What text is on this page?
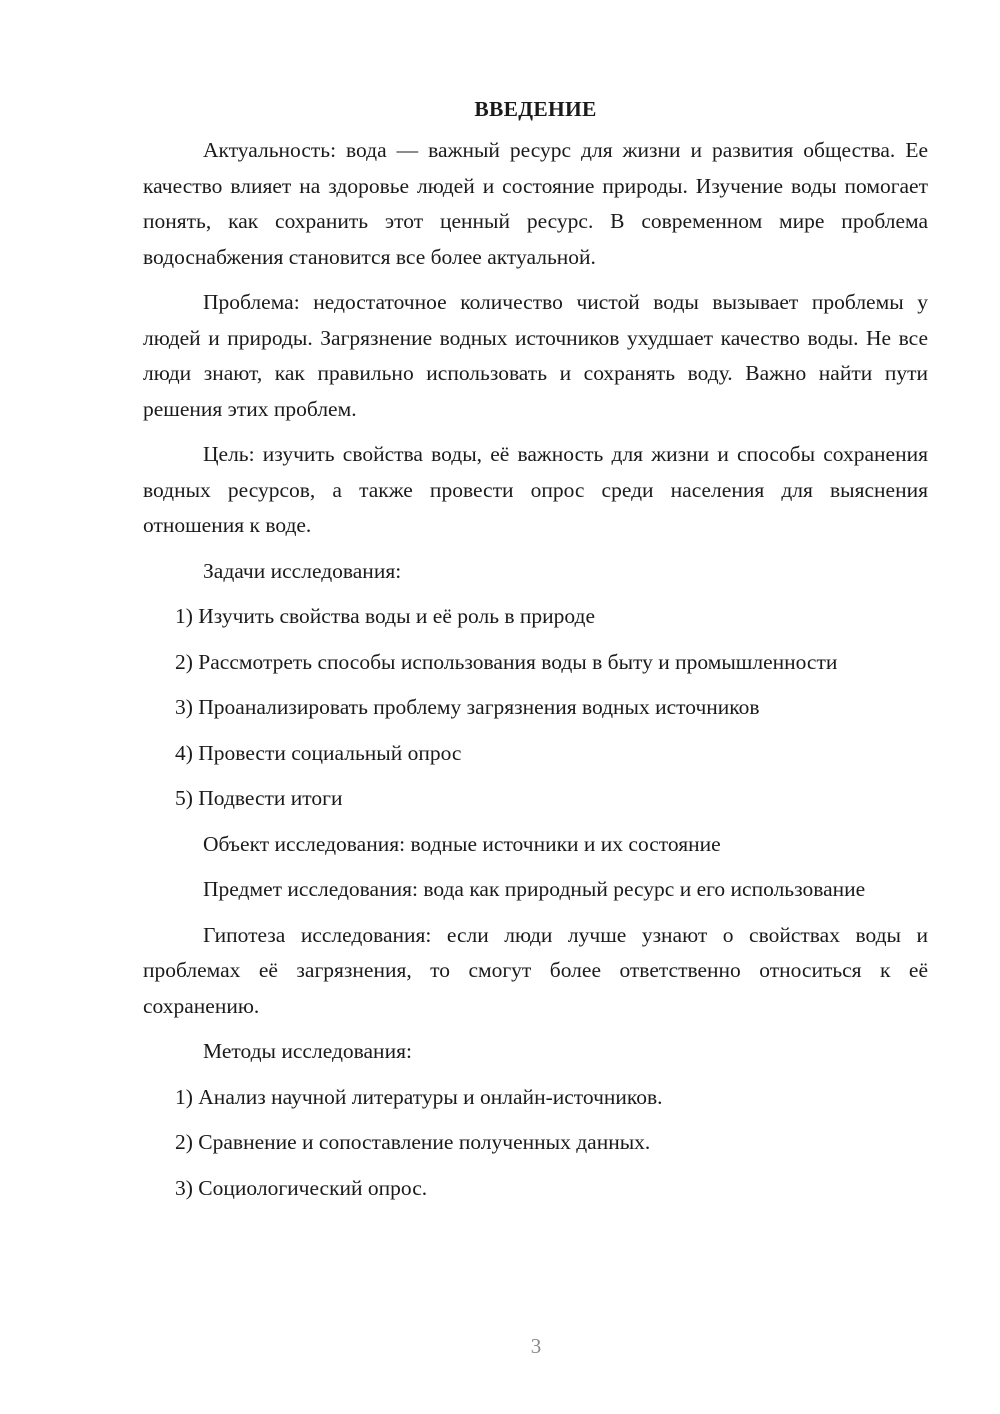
ВВЕДЕНИЕ

Актуальность: вода — важный ресурс для жизни и развития общества. Ее качество влияет на здоровье людей и состояние природы. Изучение воды помогает понять, как сохранить этот ценный ресурс. В современном мире проблема водоснабжения становится все более актуальной.

Проблема: недостаточное количество чистой воды вызывает проблемы у людей и природы. Загрязнение водных источников ухудшает качество воды. Не все люди знают, как правильно использовать и сохранять воду. Важно найти пути решения этих проблем.

Цель: изучить свойства воды, её важность для жизни и способы сохранения водных ресурсов, а также провести опрос среди населения для выяснения отношения к воде.

Задачи исследования:

1) Изучить свойства воды и её роль в природе

2) Рассмотреть способы использования воды в быту и промышленности

3) Проанализировать проблему загрязнения водных источников

4) Провести социальный опрос

5) Подвести итоги

Объект исследования: водные источники и их состояние

Предмет исследования: вода как природный ресурс и его использование

Гипотеза исследования: если люди лучше узнают о свойствах воды и проблемах её загрязнения, то смогут более ответственно относиться к её сохранению.

Методы исследования:

1) Анализ научной литературы и онлайн-источников.

2) Сравнение и сопоставление полученных данных.

3) Социологический опрос.

3
